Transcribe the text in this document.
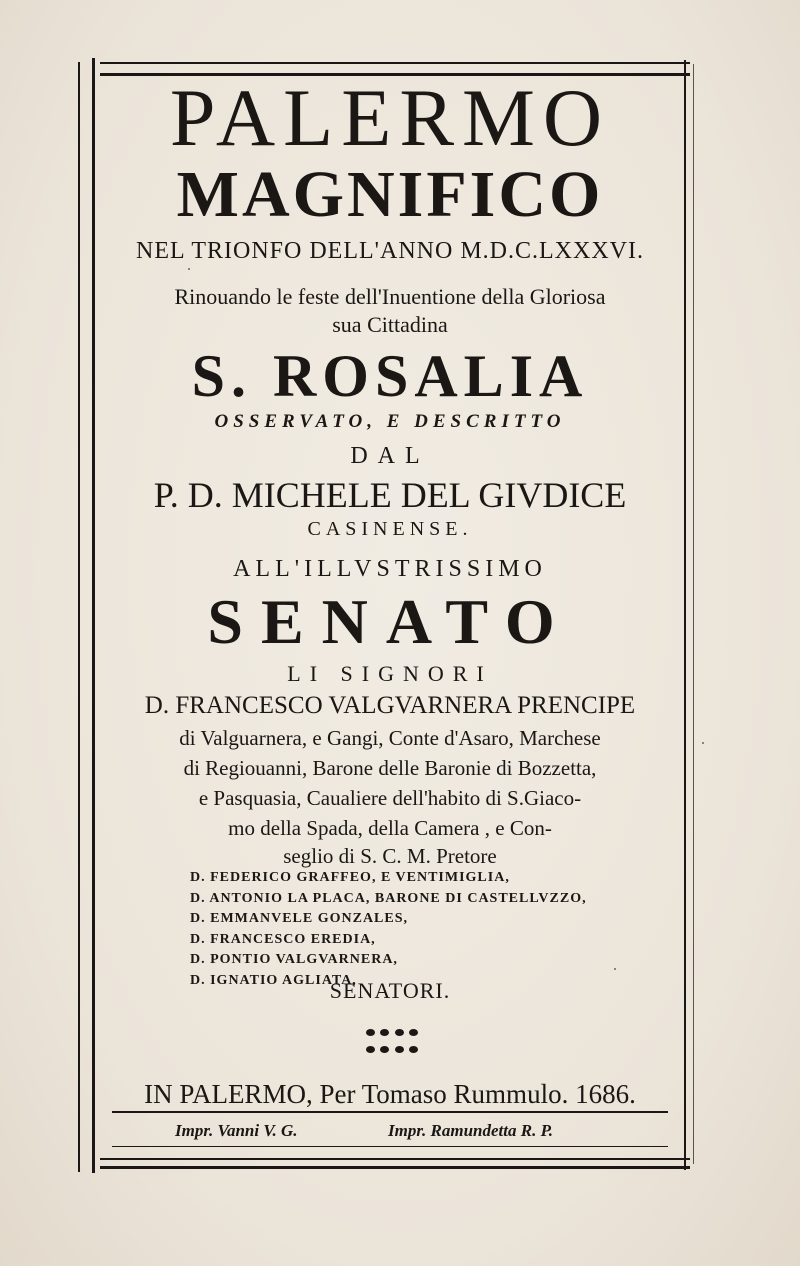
PALERMO

MAGNIFICO

NEL TRIONFO DELL'ANNO M.D.C.LXXXVI.

Rinouando le feste dell'Inuentione della Gloriosa

sua Cittadina

S. ROSALIA

OSSERVATO, E DESCRITTO

DAL

P. D. MICHELE DEL GIVDICE

CASINENSE.

ALL'ILLVSTRISSIMO

SENATO

LI SIGNORI

D. FRANCESCO VALGVARNERA PRENCIPE

di Valguarnera, e Gangi, Conte d'Asaro, Marchese

di Regiouanni, Barone delle Baronie di Bozzetta,

e Pasquasia, Caualiere dell'habito di S.Giaco-

mo della Spada, della Camera , e Con-

seglio di S. C. M. Pretore

D. FEDERICO GRAFFEO, E VENTIMIGLIA,
D. ANTONIO LA PLACA, BARONE DI CASTELLVZZO,
D. EMMANVELE GONZALES,
D. FRANCESCO EREDIA,
D. PONTIO VALGVARNERA,
D. IGNATIO AGLIATA,

SENATORI.

IN PALERMO, Per Tomaso Rummulo. 1686.

Impr. Vanni V. G.	Impr. Ramundetta R. P.
